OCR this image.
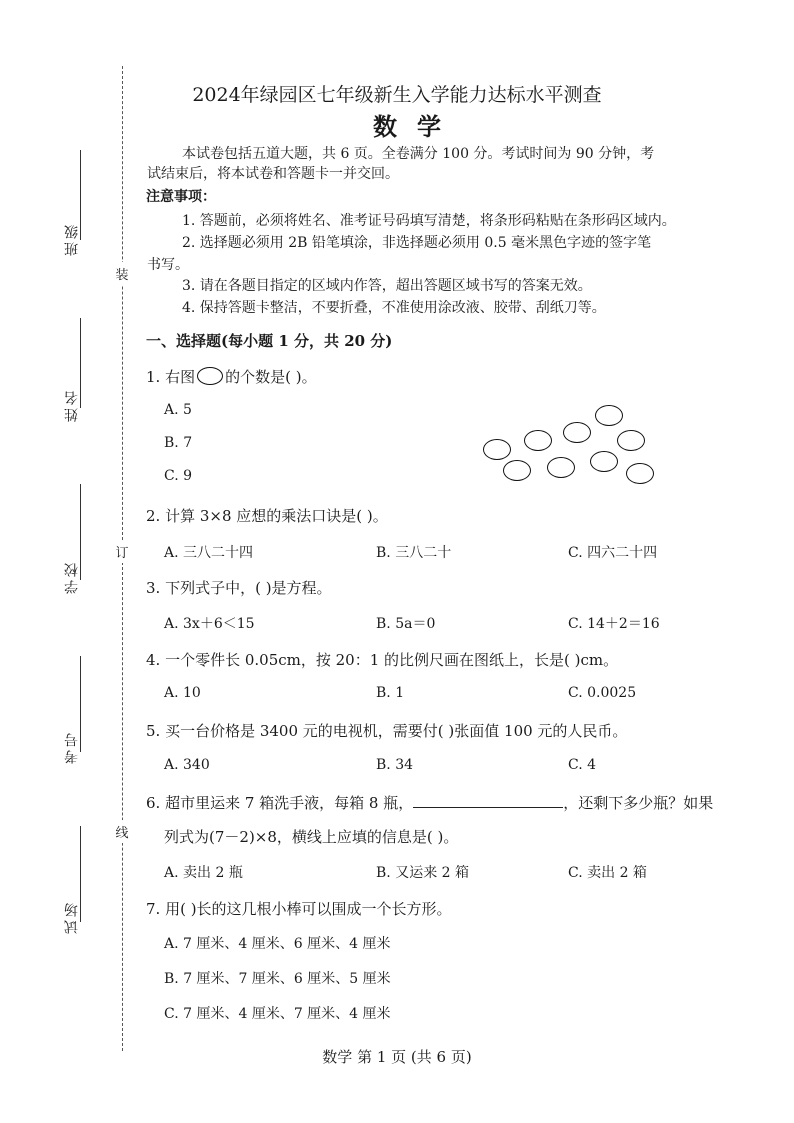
装
订
线
班级
姓名
学校
考号
试场
2024年绿园区七年级新生入学能力达标水平测查
数学
本试卷包括五道大题，共 6 页。全卷满分 100 分。考试时间为 90 分钟，考
试结束后，将本试卷和答题卡一并交回。
注意事项：
1. 答题前，必须将姓名、准考证号码填写清楚，将条形码粘贴在条形码区域内。
2. 选择题必须用 2B 铅笔填涂，非选择题必须用 0.5 毫米黑色字迹的签字笔
书写。
3. 请在各题目指定的区域内作答，超出答题区域书写的答案无效。
4. 保持答题卡整洁，不要折叠，不准使用涂改液、胶带、刮纸刀等。
一、选择题(每小题 1 分，共 20 分)
1. 右图 的个数是( )。
A. 5
B. 7
C. 9
2. 计算 3×8 应想的乘法口诀是( )。
A. 三八二十四	B. 三八二十	C. 四六二十四
3. 下列式子中，( )是方程。
A. 3x＋6＜15	B. 5a＝0	C. 14＋2＝16
4. 一个零件长 0.05cm，按 20：1 的比例尺画在图纸上，长是( )cm。
A. 10	B. 1	C. 0.0025
5. 买一台价格是 3400 元的电视机，需要付( )张面值 100 元的人民币。
A. 340	B. 34	C. 4
6. 超市里运来 7 箱洗手液，每箱 8 瓶，	，还剩下多少瓶？如果
列式为(7－2)×8，横线上应填的信息是( )。
A. 卖出 2 瓶	B. 又运来 2 箱	C. 卖出 2 箱
7. 用( )长的这几根小棒可以围成一个长方形。
A. 7 厘米、4 厘米、6 厘米、4 厘米
B. 7 厘米、7 厘米、6 厘米、5 厘米
C. 7 厘米、4 厘米、7 厘米、4 厘米
数学 第 1 页 (共 6 页)
